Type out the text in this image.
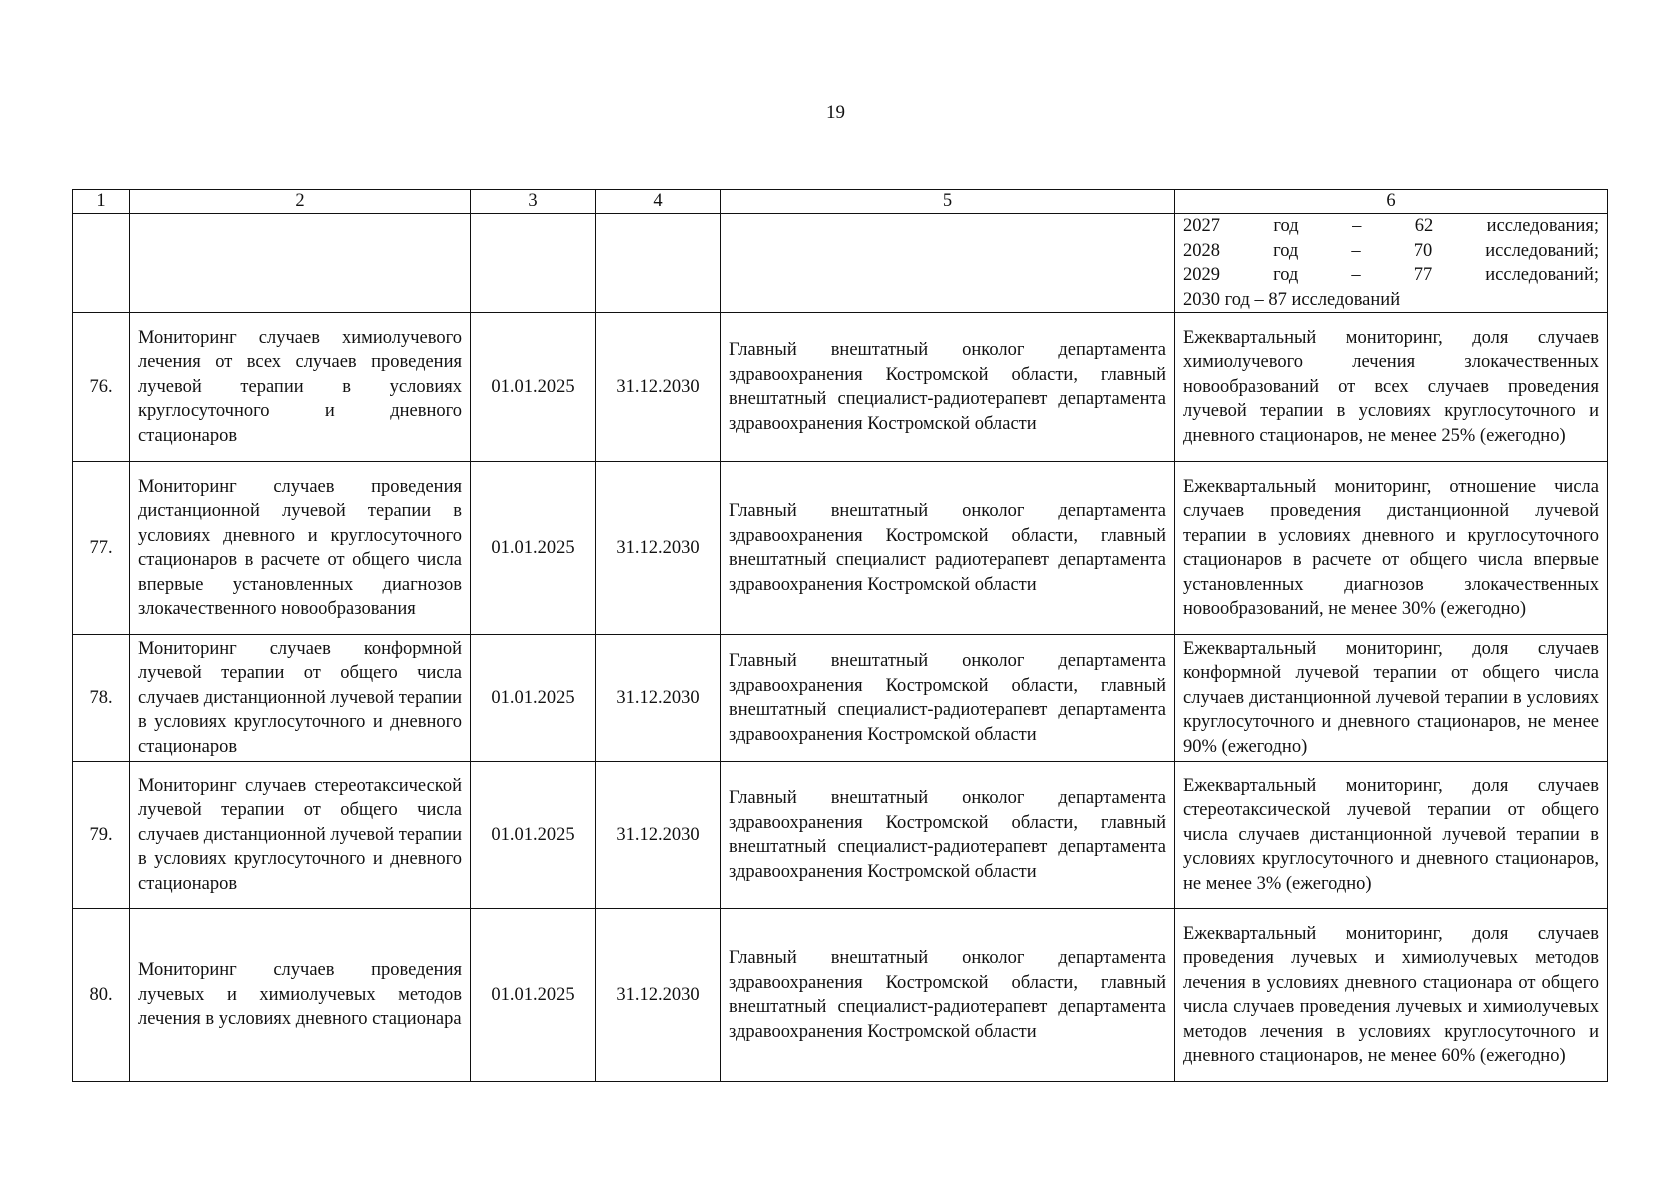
19
1	2	3	4	5	6

					2027 год – 62 исследования;
2028 год – 70 исследований;
2029 год – 77 исследований;
2030 год – 87 исследований

76.	Мониторинг случаев химиолучевого лечения от всех случаев проведения лучевой терапии в условиях круглосуточного и дневного стационаров	01.01.2025	31.12.2030	Главный внештатный онколог департамента здравоохранения Костромской области, главный внештатный специалист-радиотерапевт департамента здравоохранения Костромской области	Ежеквартальный мониторинг, доля случаев химиолучевого лечения злокачественных новообразований от всех случаев проведения лучевой терапии в условиях круглосуточного и дневного стационаров, не менее 25% (ежегодно)
77.	Мониторинг случаев проведения дистанционной лучевой терапии в условиях дневного и круглосуточного стационаров в расчете от общего числа впервые установленных диагнозов злокачественного новообразования	01.01.2025	31.12.2030	Главный внештатный онколог департамента здравоохранения Костромской области, главный внештатный специалист радиотерапевт департамента здравоохранения Костромской области	Ежеквартальный мониторинг, отношение числа случаев проведения дистанционной лучевой терапии в условиях дневного и круглосуточного стационаров в расчете от общего числа впервые установленных диагнозов злокачественных новообразований, не менее 30% (ежегодно)
78.	Мониторинг случаев конформной лучевой терапии от общего числа случаев дистанционной лучевой терапии в условиях круглосуточного и дневного стационаров	01.01.2025	31.12.2030	Главный внештатный онколог департамента здравоохранения Костромской области, главный внештатный специалист-радиотерапевт департамента здравоохранения Костромской области	Ежеквартальный мониторинг, доля случаев конформной лучевой терапии от общего числа случаев дистанционной лучевой терапии в условиях круглосуточного и дневного стационаров, не менее 90% (ежегодно)
79.	Мониторинг случаев стереотаксической лучевой терапии от общего числа случаев дистанционной лучевой терапии в условиях круглосуточного и дневного стационаров	01.01.2025	31.12.2030	Главный внештатный онколог департамента здравоохранения Костромской области, главный внештатный специалист-радиотерапевт департамента здравоохранения Костромской области	Ежеквартальный мониторинг, доля случаев стереотаксической лучевой терапии от общего числа случаев дистанционной лучевой терапии в условиях круглосуточного и дневного стационаров, не менее 3% (ежегодно)
80.	Мониторинг случаев проведения лучевых и химиолучевых методов лечения в условиях дневного стационара	01.01.2025	31.12.2030	Главный внештатный онколог департамента здравоохранения Костромской области, главный внештатный специалист-радиотерапевт департамента здравоохранения Костромской области	Ежеквартальный мониторинг, доля случаев проведения лучевых и химиолучевых методов лечения в условиях дневного стационара от общего числа случаев проведения лучевых и химиолучевых методов лечения в условиях круглосуточного и дневного стационаров, не менее 60% (ежегодно)
